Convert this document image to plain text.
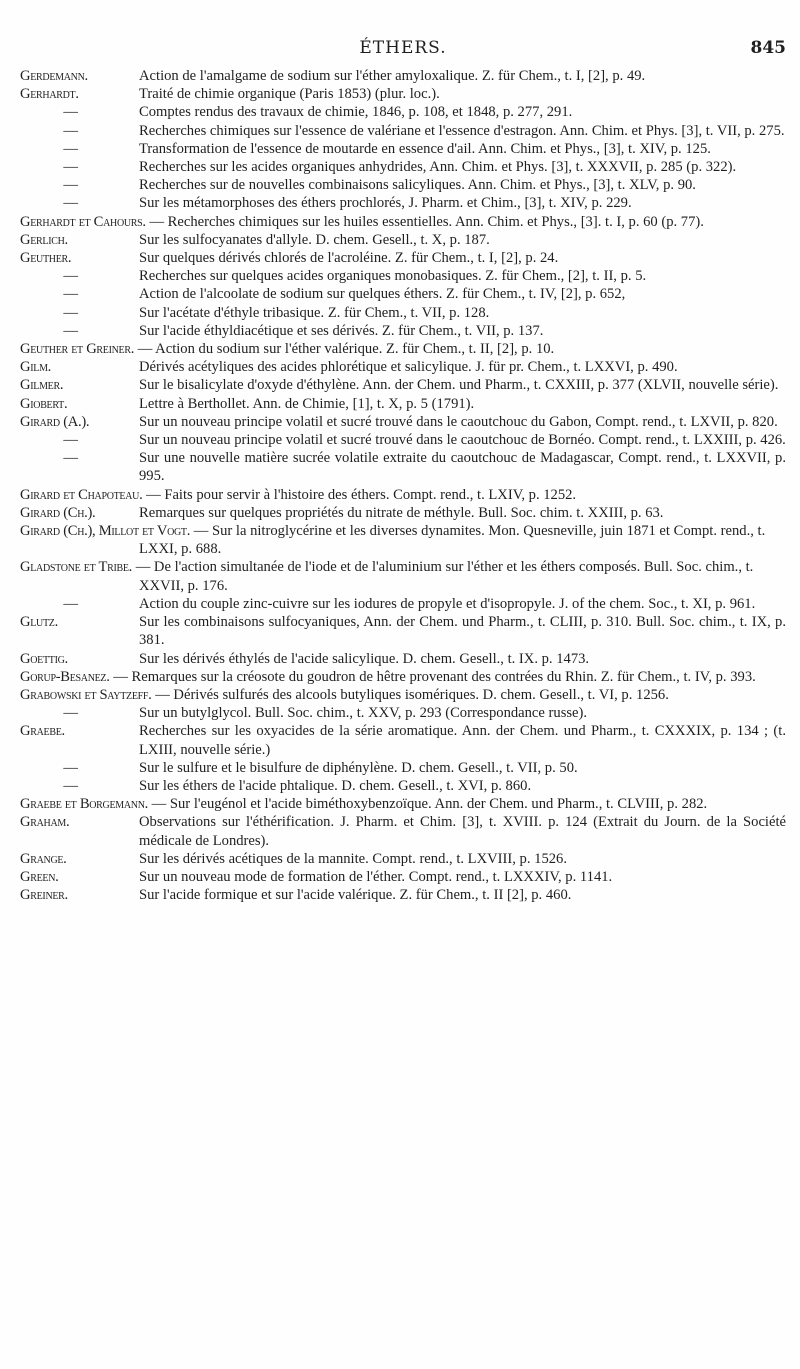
ÉTHERS.	845
Gerdemann.	Action de l'amalgame de sodium sur l'éther amyloxalique. Z. für Chem., t. I, [2], p. 49.
Gerhardt.	Traité de chimie organique (Paris 1853) (plur. loc.).
—	Comptes rendus des travaux de chimie, 1846, p. 108, et 1848, p. 277, 291.
—	Recherches chimiques sur l'essence de valériane et l'essence d'estragon. Ann. Chim. et Phys. [3], t. VII, p. 275.
—	Transformation de l'essence de moutarde en essence d'ail. Ann. Chim. et Phys., [3], t. XIV, p. 125.
—	Recherches sur les acides organiques anhydrides, Ann. Chim. et Phys. [3], t. XXXVII, p. 285 (p. 322).
—	Recherches sur de nouvelles combinaisons salicyliques. Ann. Chim. et Phys., [3], t. XLV, p. 90.
—	Sur les métamorphoses des éthers prochlorés, J. Pharm. et Chim., [3], t. XIV, p. 229.
Gerhardt et Cahours. — Recherches chimiques sur les huiles essentielles. Ann. Chim. et Phys., [3]. t. I, p. 60 (p. 77).
Gerlich.	Sur les sulfocyanates d'allyle. D. chem. Gesell., t. X, p. 187.
Geuther.	Sur quelques dérivés chlorés de l'acroléine. Z. für Chem., t. I, [2], p. 24.
—	Recherches sur quelques acides organiques monobasiques. Z. für Chem., [2], t. II, p. 5.
—	Action de l'alcoolate de sodium sur quelques éthers. Z. für Chem., t. IV, [2], p. 652,
—	Sur l'acétate d'éthyle tribasique. Z. für Chem., t. VII, p. 128.
—	Sur l'acide éthyldiacétique et ses dérivés. Z. für Chem., t. VII, p. 137.
Geuther et Greiner. — Action du sodium sur l'éther valérique. Z. für Chem., t. II, [2], p. 10.
Gilm.	Dérivés acétyliques des acides phlorétique et salicylique. J. für pr. Chem., t. LXXVI, p. 490.
Gilmer.	Sur le bisalicylate d'oxyde d'éthylène. Ann. der Chem. und Pharm., t. CXXIII, p. 377 (XLVII, nouvelle série).
Giobert.	Lettre à Berthollet. Ann. de Chimie, [1], t. X, p. 5 (1791).
Girard (A.).	Sur un nouveau principe volatil et sucré trouvé dans le caoutchouc du Gabon, Compt. rend., t. LXVII, p. 820.
—	Sur un nouveau principe volatil et sucré trouvé dans le caoutchouc de Bornéo. Compt. rend., t. LXXIII, p. 426.
—	Sur une nouvelle matière sucrée volatile extraite du caoutchouc de Madagascar, Compt. rend., t. LXXVII, p. 995.
Girard et Chapoteau. — Faits pour servir à l'histoire des éthers. Compt. rend., t. LXIV, p. 1252.
Girard (Ch.).	Remarques sur quelques propriétés du nitrate de méthyle. Bull. Soc. chim. t. XXIII, p. 63.
Girard (Ch.), Millot et Vogt. — Sur la nitroglycérine et les diverses dynamites. Mon. Quesneville, juin 1871 et Compt. rend., t. LXXI, p. 688.
Gladstone et Tribe. — De l'action simultanée de l'iode et de l'aluminium sur l'éther et les éthers composés. Bull. Soc. chim., t. XXVII, p. 176.
—	Action du couple zinc-cuivre sur les iodures de propyle et d'isopropyle. J. of the chem. Soc., t. XI, p. 961.
Glutz.	Sur les combinaisons sulfocyaniques, Ann. der Chem. und Pharm., t. CLIII, p. 310. Bull. Soc. chim., t. IX, p. 381.
Goettig.	Sur les dérivés éthylés de l'acide salicylique. D. chem. Gesell., t. IX. p. 1473.
Gorup-Besanez. — Remarques sur la créosote du goudron de hêtre provenant des contrées du Rhin. Z. für Chem., t. IV, p. 393.
Grabowski et Saytzeff. — Dérivés sulfurés des alcools butyliques isomériques. D. chem. Gesell., t. VI, p. 1256.
—	Sur un butylglycol. Bull. Soc. chim., t. XXV, p. 293 (Correspondance russe).
Graebe.	Recherches sur les oxyacides de la série aromatique. Ann. der Chem. und Pharm., t. CXXXIX, p. 134 ; (t. LXIII, nouvelle série.)
—	Sur le sulfure et le bisulfure de diphénylène. D. chem. Gesell., t. VII, p. 50.
—	Sur les éthers de l'acide phtalique. D. chem. Gesell., t. XVI, p. 860.
Graebe et Borgemann. — Sur l'eugénol et l'acide biméthoxybenzoïque. Ann. der Chem. und Pharm., t. CLVIII, p. 282.
Graham.	Observations sur l'éthérification. J. Pharm. et Chim. [3], t. XVIII. p. 124 (Extrait du Journ. de la Société médicale de Londres).
Grange.	Sur les dérivés acétiques de la mannite. Compt. rend., t. LXVIII, p. 1526.
Green.	Sur un nouveau mode de formation de l'éther. Compt. rend., t. LXXXIV, p. 1141.
Greiner.	Sur l'acide formique et sur l'acide valérique. Z. für Chem., t. II [2], p. 460.
